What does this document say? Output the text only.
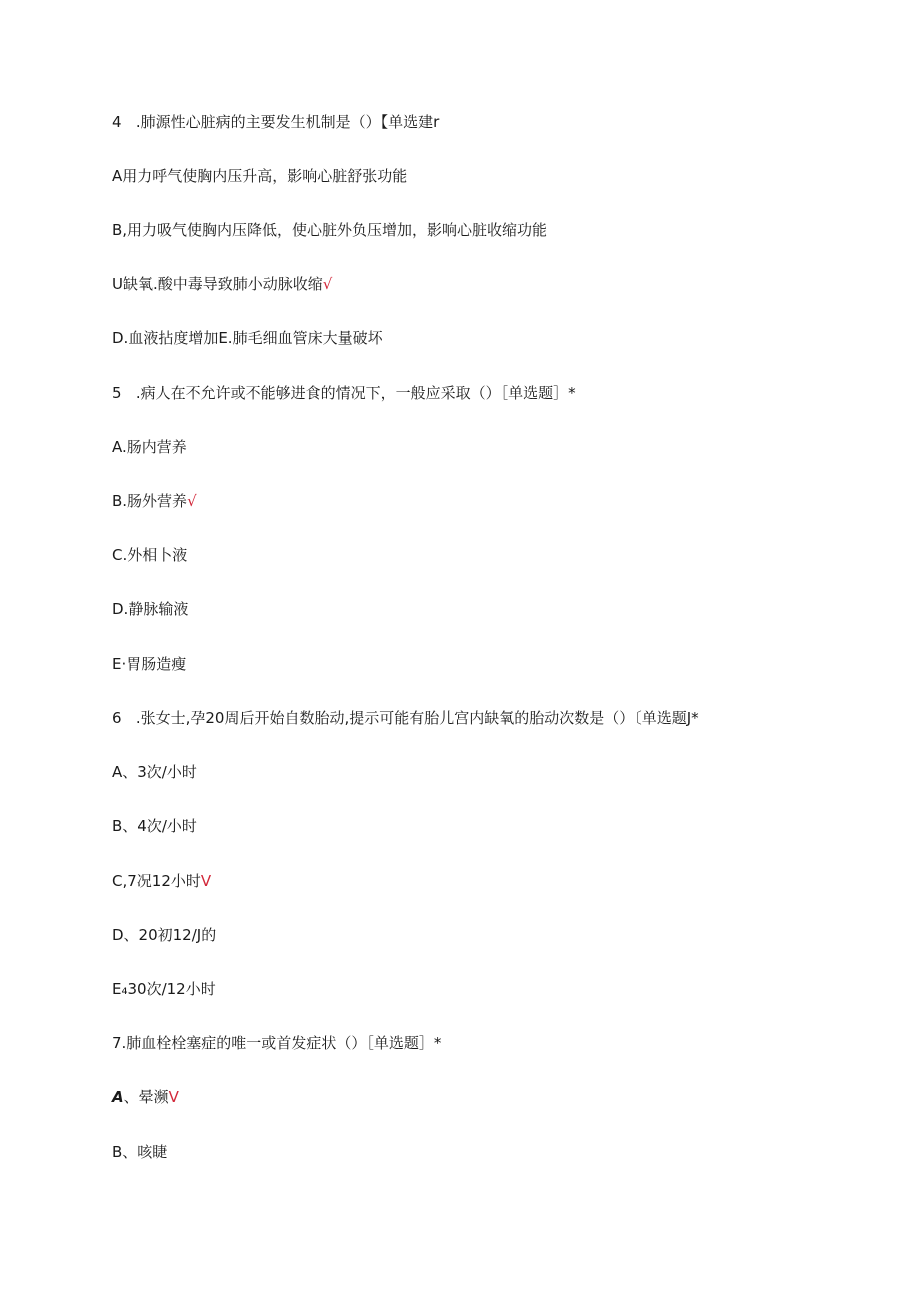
4   .肺源性心脏病的主要发生机制是（）【单选建r
A用力呼气使胸内压升高，影响心脏舒张功能
B,用力吸气使胸内压降低，使心脏外负压增加，影响心脏收缩功能
U缺氧.酸中毒导致肺小动脉收缩√
D.血液拈度增加E.肺毛细血管床大量破坏
5   .病人在不允许或不能够进食的情况下，一般应采取（）［单选题］*
A.肠内营养
B.肠外营养√
C.外相卜液
D.静脉输液
E·胃肠造瘦
6   .张女士,孕20周后开始自数胎动,提示可能有胎儿宫内缺氧的胎动次数是（）〔单选题J*
A、3次/小时
B、4次/小时
C,7况12小时V
D、20初12/J的
E₄30次/12小时
7.肺血栓栓塞症的唯一或首发症状（）［单选题］*
A、晕濒V
B、咳睫
